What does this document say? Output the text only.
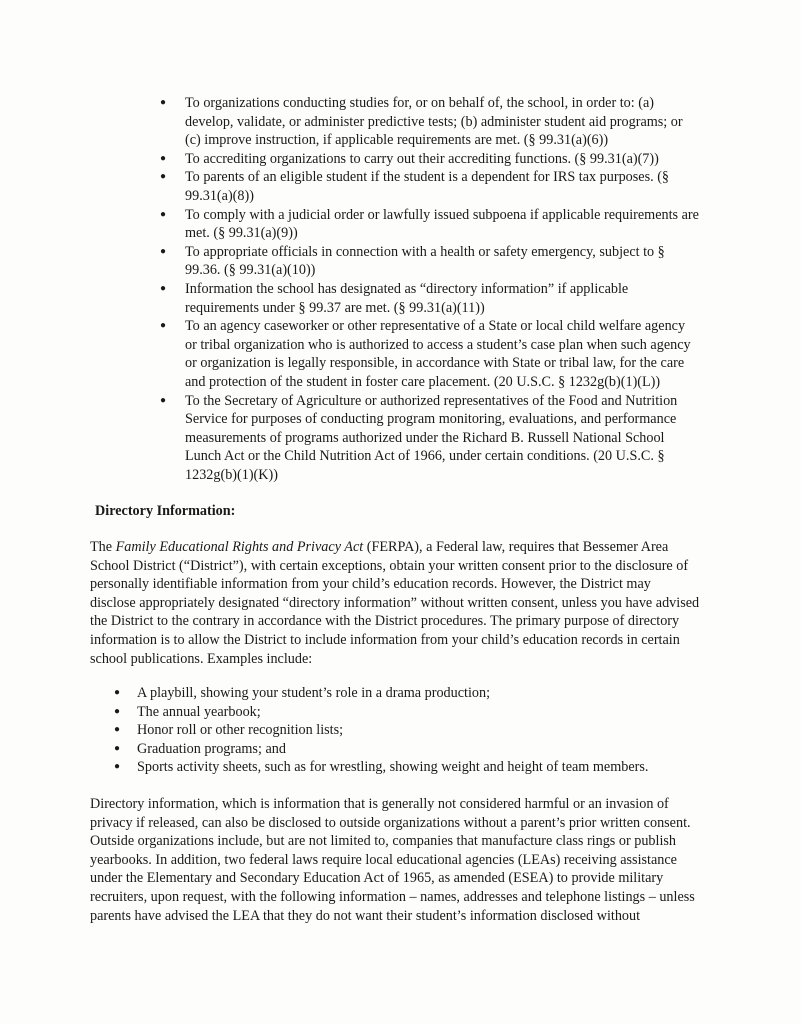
● To organizations conducting studies for, or on behalf of, the school, in order to: (a) develop, validate, or administer predictive tests; (b) administer student aid programs; or (c) improve instruction, if applicable requirements are met. (§ 99.31(a)(6))
● To accrediting organizations to carry out their accrediting functions. (§ 99.31(a)(7))
● To parents of an eligible student if the student is a dependent for IRS tax purposes. (§ 99.31(a)(8))
● To comply with a judicial order or lawfully issued subpoena if applicable requirements are met. (§ 99.31(a)(9))
● To appropriate officials in connection with a health or safety emergency, subject to § 99.36. (§ 99.31(a)(10))
● Information the school has designated as “directory information” if applicable requirements under § 99.37 are met. (§ 99.31(a)(11))
● To an agency caseworker or other representative of a State or local child welfare agency or tribal organization who is authorized to access a student’s case plan when such agency or organization is legally responsible, in accordance with State or tribal law, for the care and protection of the student in foster care placement. (20 U.S.C. § 1232g(b)(1)(L))
● To the Secretary of Agriculture or authorized representatives of the Food and Nutrition Service for purposes of conducting program monitoring, evaluations, and performance measurements of programs authorized under the Richard B. Russell National School Lunch Act or the Child Nutrition Act of 1966, under certain conditions. (20 U.S.C. § 1232g(b)(1)(K))
Directory Information:

The Family Educational Rights and Privacy Act (FERPA), a Federal law, requires that Bessemer Area School District (“District”), with certain exceptions, obtain your written consent prior to the disclosure of personally identifiable information from your child’s education records. However, the District may disclose appropriately designated “directory information” without written consent, unless you have advised the District to the contrary in accordance with the District procedures. The primary purpose of directory information is to allow the District to include information from your child’s education records in certain school publications. Examples include:

● A playbill, showing your student’s role in a drama production;
● The annual yearbook;
● Honor roll or other recognition lists;
● Graduation programs; and
● Sports activity sheets, such as for wrestling, showing weight and height of team members.

Directory information, which is information that is generally not considered harmful or an invasion of privacy if released, can also be disclosed to outside organizations without a parent’s prior written consent. Outside organizations include, but are not limited to, companies that manufacture class rings or publish yearbooks. In addition, two federal laws require local educational agencies (LEAs) receiving assistance under the Elementary and Secondary Education Act of 1965, as amended (ESEA) to provide military recruiters, upon request, with the following information – names, addresses and telephone listings – unless parents have advised the LEA that they do not want their student’s information disclosed without
